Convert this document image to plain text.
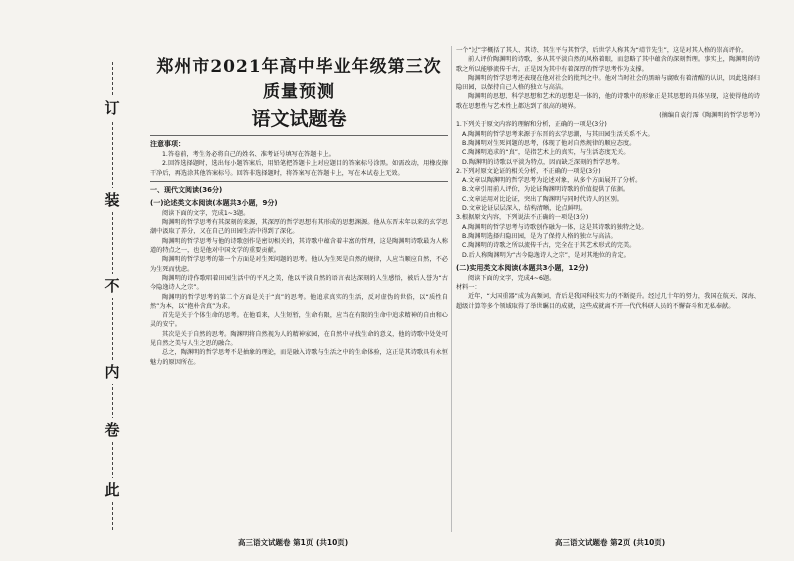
订
装
不
内
卷
此
郑州市2021年高中毕业年级第三次质量预测
语文试题卷
注意事项：

1.答卷前，考生务必将自己的姓名、准考证号填写在答题卡上。

2.回答选择题时，选出每小题答案后，用铅笔把答题卡上对应题目的答案标号涂黑。如需改动，用橡皮擦干净后，再选涂其他答案标号。回答非选择题时，将答案写在答题卡上，写在本试卷上无效。

一、现代文阅读(36分)
(一)论述类文本阅读(本题共3小题，9分)

阅读下面的文字，完成1~3题。

陶渊明的哲学思考有其深刻的来源，其深厚的哲学思想有其形成的思想渊源。他从东晋末年以来的玄学思潮中汲取了养分，又在自己的田园生活中得到了深化。

陶渊明的哲学思考与他的诗歌创作是密切相关的，其诗歌中蕴含着丰富的哲理，这是陶渊明诗歌最为人称道的特点之一，也是他对中国文学的重要贡献。

陶渊明的哲学思考的第一个方面是对生死问题的思考。他认为生死是自然的规律，人应当顺应自然，不必为生死而忧虑。

陶渊明的诗作歌唱着田园生活中的平凡之美，他以平淡自然的语言表达深刻的人生感悟，被后人誉为“古今隐逸诗人之宗”。

陶渊明的哲学思考的第二个方面是关于“真”的思考。他追求真实的生活，反对虚伪的世俗，以“质性自然”为本，以“抱朴含真”为求。

首先是关于个体生命的思考。在他看来，人生短暂，生命有限，应当在有限的生命中追求精神的自由和心灵的安宁。

其次是关于自然的思考。陶渊明将自然视为人的精神家园，在自然中寻找生命的意义，他的诗歌中处处可见自然之美与人生之思的融合。

总之，陶渊明的哲学思考不是抽象的理论，而是融入诗歌与生活之中的生命体验，这正是其诗歌具有永恒魅力的原因所在。

一个“过”字概括了其人、其诗、其生平与其哲学，后世学人称其为“靖节先生”，这是对其人格的崇高评价。

前人评价陶渊明的诗歌，多从其平淡自然的风格着眼，而忽略了其中蕴含的深刻哲理。事实上，陶渊明的诗歌之所以能够流传千古，正是因为其中有着深厚的哲学思考作为支撑。

陶渊明的哲学思考还表现在他对社会的批判之中。他对当时社会的黑暗与腐败有着清醒的认识，因此选择归隐田园，以保持自己人格的独立与高洁。

陶渊明的思想、科学思想和艺术的思想是一体的，他的诗歌中的形象正是其思想的具体呈现，这使得他的诗歌在思想性与艺术性上都达到了很高的境界。

(摘编自袁行霈《陶渊明的哲学思考》)

1.下列关于原文内容的理解和分析，正确的一项是(3分)

A.陶渊明的哲学思考来源于东晋的玄学思潮，与其田园生活关系不大。

B.陶渊明对生死问题的思考，体现了他对自然规律的顺应态度。

C.陶渊明追求的“真”，是指艺术上的真实，与生活态度无关。

D.陶渊明的诗歌以平淡为特点，因而缺乏深刻的哲学思考。

2.下列对原文论证的相关分析，不正确的一项是(3分)

A.文章以陶渊明的哲学思考为论述对象，从多个方面展开了分析。

B.文章引用前人评价，为论证陶渊明诗歌的价值提供了依据。

C.文章运用对比论证，突出了陶渊明与同时代诗人的区别。

D.文章论证层层深入，结构清晰，论点鲜明。

3.根据原文内容，下列说法不正确的一项是(3分)

A.陶渊明的哲学思考与诗歌创作融为一体，这是其诗歌的独特之处。

B.陶渊明选择归隐田园，是为了保持人格的独立与高洁。

C.陶渊明的诗歌之所以流传千古，完全在于其艺术形式的完美。

D.后人称陶渊明为“古今隐逸诗人之宗”，是对其地位的肯定。

(二)实用类文本阅读(本题共3小题，12分)

阅读下面的文字，完成4~6题。

材料一：

近年，“大国重器”成为高频词，背后是我国科技实力的不断提升。经过几十年的努力，我国在航天、深海、超级计算等多个领域取得了举世瞩目的成就，这些成就离不开一代代科研人员的不懈奋斗和无私奉献。

高三语文试题卷 第1页 (共10页)	高三语文试题卷 第2页 (共10页)
